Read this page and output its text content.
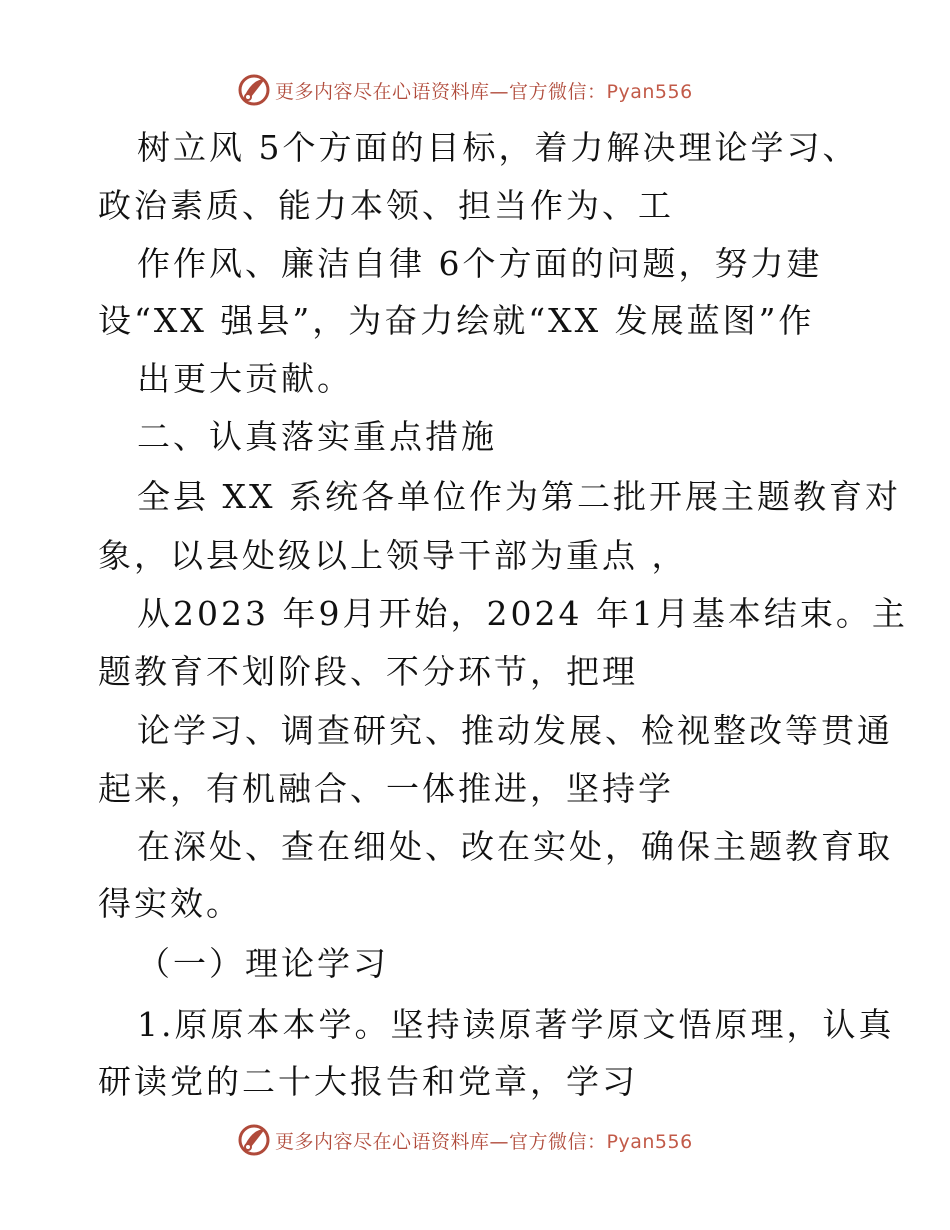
更多内容尽在心语资料库—官方微信：Pyan556
树立风 5个方面的目标，着力解决理论学习、
政治素质、能力本领、担当作为、工
作作风、廉洁自律 6个方面的问题，努力建
设“XX 强县”，为奋力绘就“XX 发展蓝图”作
出更大贡献。
二、认真落实重点措施
全县 XX 系统各单位作为第二批开展主题教育对
象，以县处级以上领导干部为重点 ，
从2023 年9月开始，2024 年1月基本结束。主
题教育不划阶段、不分环节，把理
论学习、调查研究、推动发展、检视整改等贯通
起来，有机融合、一体推进，坚持学
在深处、查在细处、改在实处，确保主题教育取
得实效。
（一）理论学习
1.原原本本学。坚持读原著学原文悟原理，认真
研读党的二十大报告和党章，学习
更多内容尽在心语资料库—官方微信：Pyan556
